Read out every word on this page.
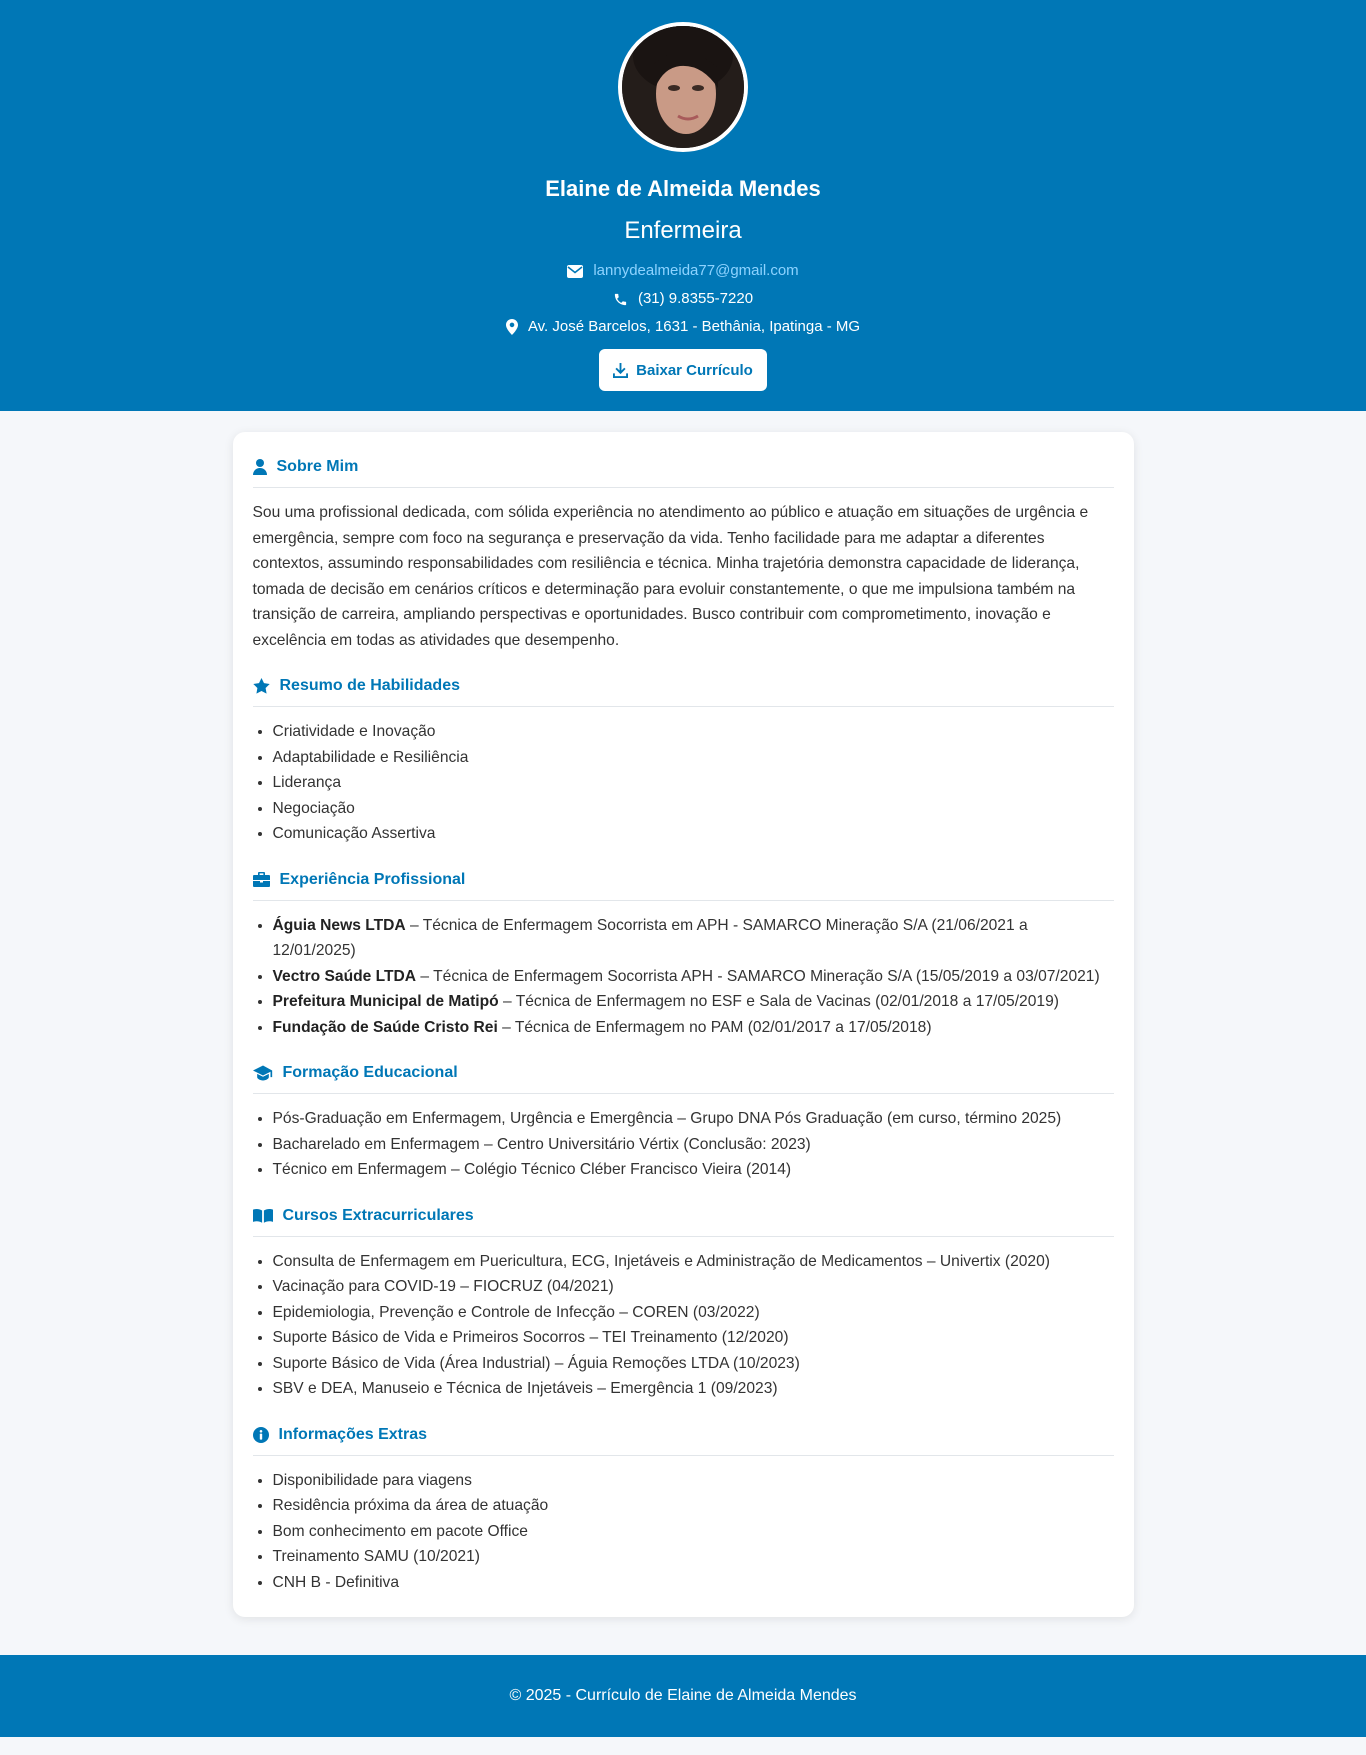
Elaine de Almeida Mendes
Enfermeira
lannydealmeida77@gmail.com
(31) 9.8355-7220
Av. José Barcelos, 1631 - Bethânia, Ipatinga - MG
Baixar Currículo
Sobre Mim

Sou uma profissional dedicada, com sólida experiência no atendimento ao público e atuação em situações de urgência e emergência, sempre com foco na segurança e preservação da vida. Tenho facilidade para me adaptar a diferentes contextos, assumindo responsabilidades com resiliência e técnica. Minha trajetória demonstra capacidade de liderança, tomada de decisão em cenários críticos e determinação para evoluir constantemente, o que me impulsiona também na transição de carreira, ampliando perspectivas e oportunidades. Busco contribuir com comprometimento, inovação e excelência em todas as atividades que desempenho.

Resumo de Habilidades
• Criatividade e Inovação
• Adaptabilidade e Resiliência
• Liderança
• Negociação
• Comunicação Assertiva
Experiência Profissional
• Águia News LTDA – Técnica de Enfermagem Socorrista em APH - SAMARCO Mineração S/A (21/06/2021 a 12/01/2025)
• Vectro Saúde LTDA – Técnica de Enfermagem Socorrista APH - SAMARCO Mineração S/A (15/05/2019 a 03/07/2021)
• Prefeitura Municipal de Matipó – Técnica de Enfermagem no ESF e Sala de Vacinas (02/01/2018 a 17/05/2019)
• Fundação de Saúde Cristo Rei – Técnica de Enfermagem no PAM (02/01/2017 a 17/05/2018)
Formação Educacional
• Pós-Graduação em Enfermagem, Urgência e Emergência – Grupo DNA Pós Graduação (em curso, término 2025)
• Bacharelado em Enfermagem – Centro Universitário Vértix (Conclusão: 2023)
• Técnico em Enfermagem – Colégio Técnico Cléber Francisco Vieira (2014)
Cursos Extracurriculares
• Consulta de Enfermagem em Puericultura, ECG, Injetáveis e Administração de Medicamentos – Univertix (2020)
• Vacinação para COVID-19 – FIOCRUZ (04/2021)
• Epidemiologia, Prevenção e Controle de Infecção – COREN (03/2022)
• Suporte Básico de Vida e Primeiros Socorros – TEI Treinamento (12/2020)
• Suporte Básico de Vida (Área Industrial) – Águia Remoções LTDA (10/2023)
• SBV e DEA, Manuseio e Técnica de Injetáveis – Emergência 1 (09/2023)
Informações Extras
• Disponibilidade para viagens
• Residência próxima da área de atuação
• Bom conhecimento em pacote Office
• Treinamento SAMU (10/2021)
• CNH B - Definitiva
© 2025 - Currículo de Elaine de Almeida Mendes
